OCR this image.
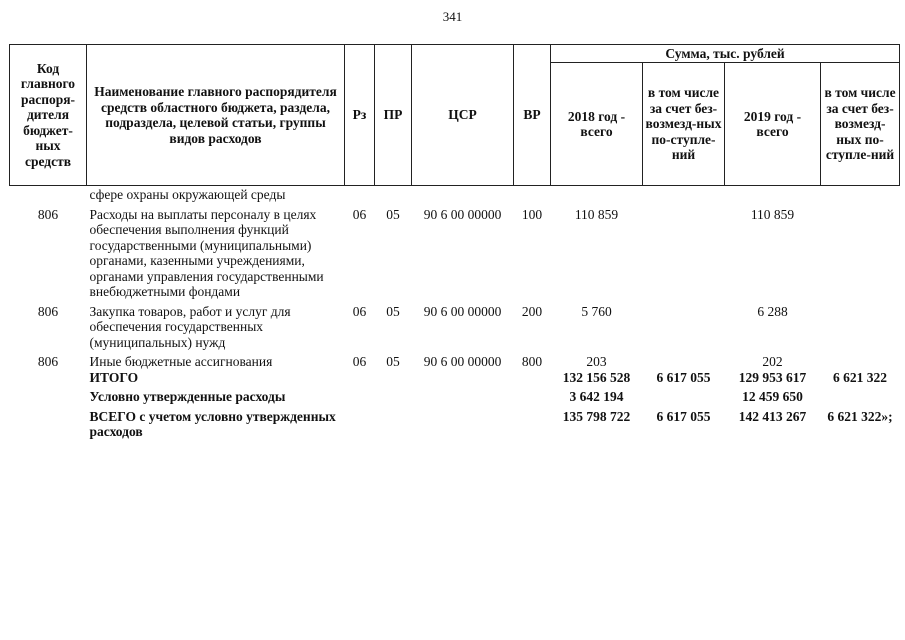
341
Код главного распоря-дителя бюджет-ных средств	Наименование главного распорядителя средств областного бюджета, раздела, подраздела, целевой статьи, группы видов расходов	Рз	ПР	ЦСР	ВР	Сумма, тыс. рублей			
						2018 год - всего	в том числе за счет без-возмезд-ных по-ступле-ний	2019 год - всего	в том числе за счет без-возмезд-ных по-ступле-ний
	сфере охраны окружающей среды								
806	Расходы на выплаты персоналу в целях обеспечения выполнения функций государственными (муниципальными) органами, казенными учреждениями, органами управления государственными внебюджетными фондами	06	05	90 6 00 00000	100	110 859		110 859	
806	Закупка товаров, работ и услуг для обеспечения государственных (муниципальных) нужд	06	05	90 6 00 00000	200	5 760		6 288	
806	Иные бюджетные ассигнования	06	05	90 6 00 00000	800	203		202	
	ИТОГО					132 156 528	6 617 055	129 953 617	6 621 322
	Условно утвержденные расходы					3 642 194		12 459 650	
	ВСЕГО с учетом условно утвержденных расходов					135 798 722	6 617 055	142 413 267	6 621 322»;
